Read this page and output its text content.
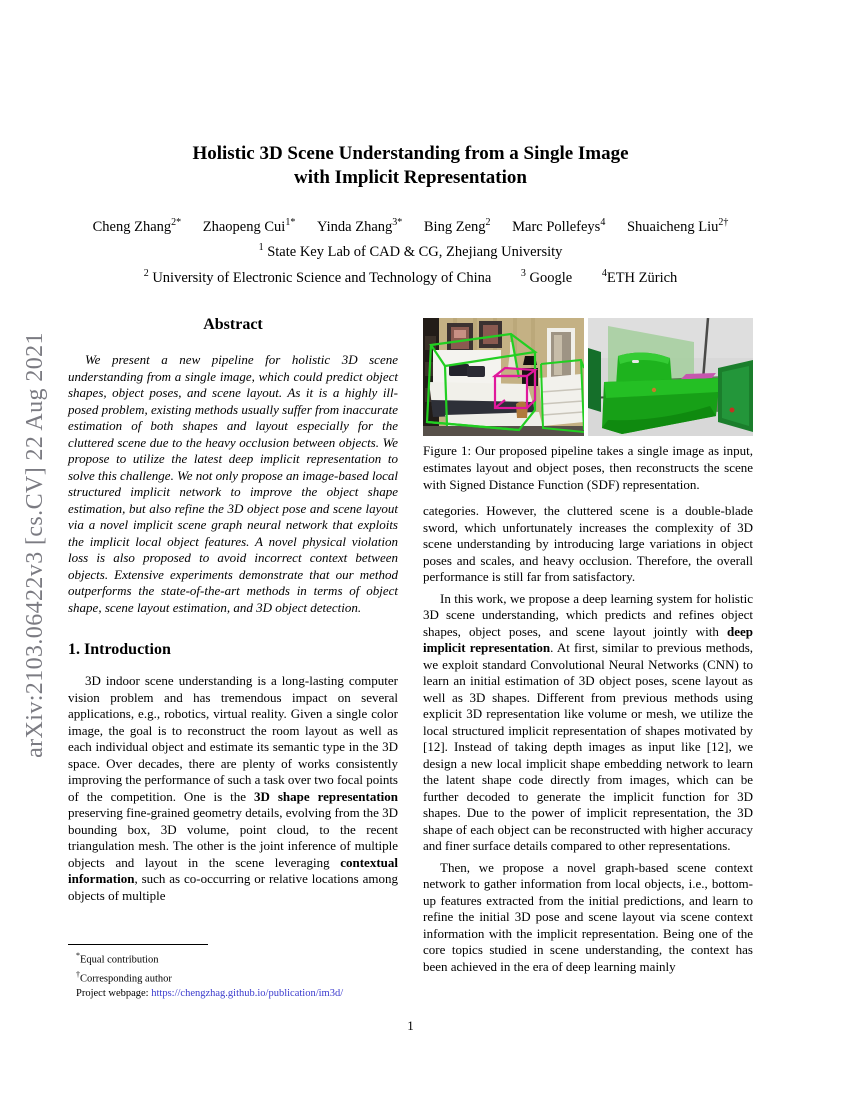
arXiv:2103.06422v3 [cs.CV] 22 Aug 2021
Holistic 3D Scene Understanding from a Single Image
with Implicit Representation
Cheng Zhang$^{2*}$ Zhaopeng Cui$^{1*}$ Yinda Zhang$^{3*}$ Bing Zeng$^2$ Marc Pollefeys$^4$ Shuaicheng Liu$^{2\dagger}$
$^1$ State Key Lab of CAD & CG, Zhejiang University
$^2$ University of Electronic Science and Technology of China	$^3$ Google	$^4$ETH Zürich
Abstract

We present a new pipeline for holistic 3D scene understanding from a single image, which could predict object shapes, object poses, and scene layout. As it is a highly ill-posed problem, existing methods usually suffer from inaccurate estimation of both shapes and layout especially for the cluttered scene due to the heavy occlusion between objects. We propose to utilize the latest deep implicit representation to solve this challenge. We not only propose an image-based local structured implicit network to improve the object shape estimation, but also refine the 3D object pose and scene layout via a novel implicit scene graph neural network that exploits the implicit local object features. A novel physical violation loss is also proposed to avoid incorrect context between objects. Extensive experiments demonstrate that our method outperforms the state-of-the-art methods in terms of object shape, scene layout estimation, and 3D object detection.

1. Introduction

3D indoor scene understanding is a long-lasting computer vision problem and has tremendous impact on several applications, e.g., robotics, virtual reality. Given a single color image, the goal is to reconstruct the room layout as well as each individual object and estimate its semantic type in the 3D space. Over decades, there are plenty of works consistently improving the performance of such a task over two focal points of the competition. One is the 3D shape representation preserving fine-grained geometry details, evolving from the 3D bounding box, 3D volume, point cloud, to the recent triangulation mesh. The other is the joint inference of multiple objects and layout in the scene leveraging contextual information, such as co-occurring or relative locations among objects of multiple

*Equal contribution
†Corresponding author
Project webpage: https://chengzhag.github.io/publication/im3d/

Figure 1: Our proposed pipeline takes a single image as input, estimates layout and object poses, then reconstructs the scene with Signed Distance Function (SDF) representation.

categories. However, the cluttered scene is a double-blade sword, which unfortunately increases the complexity of 3D scene understanding by introducing large variations in object poses and scales, and heavy occlusion. Therefore, the overall performance is still far from satisfactory.

In this work, we propose a deep learning system for holistic 3D scene understanding, which predicts and refines object shapes, object poses, and scene layout jointly with deep implicit representation. At first, similar to previous methods, we exploit standard Convolutional Neural Networks (CNN) to learn an initial estimation of 3D object poses, scene layout as well as 3D shapes. Different from previous methods using explicit 3D representation like volume or mesh, we utilize the local structured implicit representation of shapes motivated by [12]. Instead of taking depth images as input like [12], we design a new local implicit shape embedding network to learn the latent shape code directly from images, which can be further decoded to generate the implicit function for 3D shapes. Due to the power of implicit representation, the 3D shape of each object can be reconstructed with higher accuracy and finer surface details compared to other representations.

Then, we propose a novel graph-based scene context network to gather information from local objects, i.e., bottom-up features extracted from the initial predictions, and learn to refine the initial 3D pose and scene layout via scene context information with the implicit representation. Being one of the core topics studied in scene understanding, the context has been achieved in the era of deep learning mainly

1
